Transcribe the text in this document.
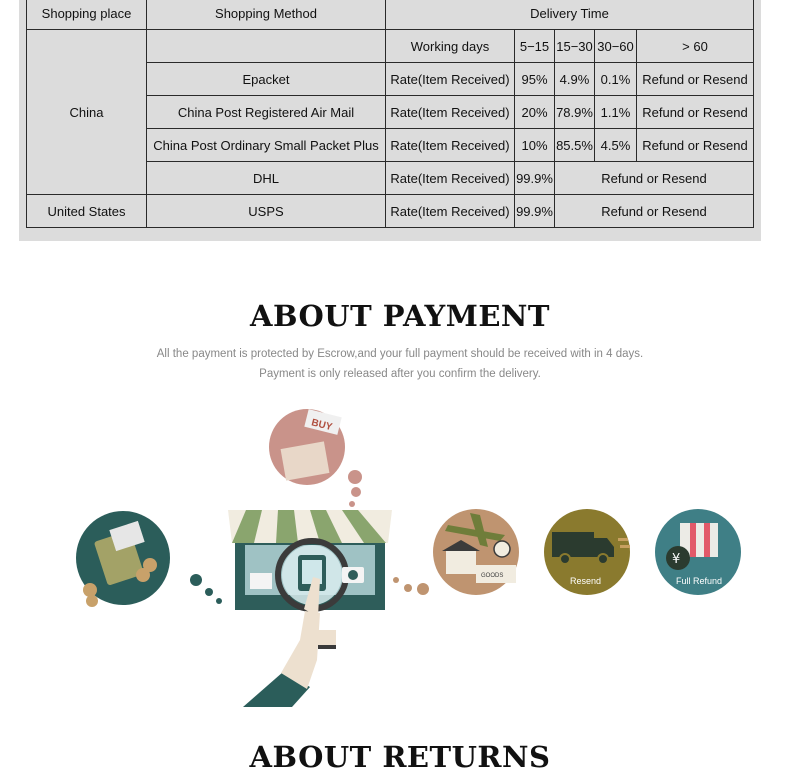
Shopping place	Shopping Method	Delivery Time				
China		Working days	5−15	15−30	30−60	> 60
	Epacket	Rate(Item Received)	95%	4.9%	0.1%	Refund or Resend
	China Post Registered Air Mail	Rate(Item Received)	20%	78.9%	1.1%	Refund or Resend
	China Post Ordinary Small Packet Plus	Rate(Item Received)	10%	85.5%	4.5%	Refund or Resend
	DHL	Rate(Item Received)	99.9%	Refund or Resend		
United States	USPS	Rate(Item Received)	99.9%	Refund or Resend		
ABOUT PAYMENT
All the payment is protected by Escrow,and your full payment should be received with in 4 days.
Payment is only released after you confirm the delivery.
BUY
GOODS	Resend
¥
Full Refund
ABOUT RETURNS
